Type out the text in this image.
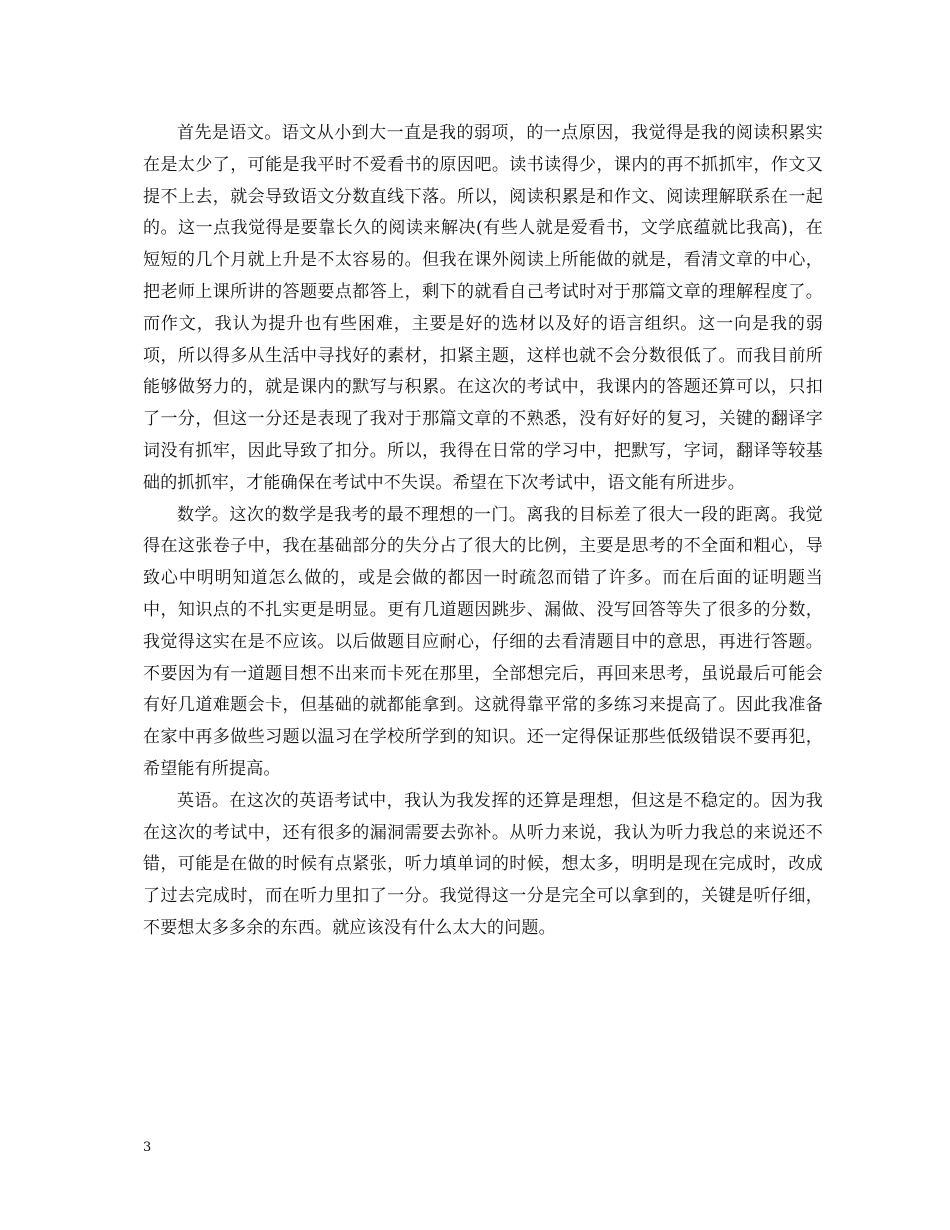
首先是语文。语文从小到大一直是我的弱项，的一点原因，我觉得是我的阅读积累实在是太少了，可能是我平时不爱看书的原因吧。读书读得少，课内的再不抓抓牢，作文又提不上去，就会导致语文分数直线下落。所以，阅读积累是和作文、阅读理解联系在一起的。这一点我觉得是要靠长久的阅读来解决(有些人就是爱看书，文学底蕴就比我高)，在短短的几个月就上升是不太容易的。但我在课外阅读上所能做的就是，看清文章的中心，把老师上课所讲的答题要点都答上，剩下的就看自己考试时对于那篇文章的理解程度了。而作文，我认为提升也有些困难，主要是好的选材以及好的语言组织。这一向是我的弱项，所以得多从生活中寻找好的素材，扣紧主题，这样也就不会分数很低了。而我目前所能够做努力的，就是课内的默写与积累。在这次的考试中，我课内的答题还算可以，只扣了一分，但这一分还是表现了我对于那篇文章的不熟悉，没有好好的复习，关键的翻译字词没有抓牢，因此导致了扣分。所以，我得在日常的学习中，把默写，字词，翻译等较基础的抓抓牢，才能确保在考试中不失误。希望在下次考试中，语文能有所进步。

数学。这次的数学是我考的最不理想的一门。离我的目标差了很大一段的距离。我觉得在这张卷子中，我在基础部分的失分占了很大的比例，主要是思考的不全面和粗心，导致心中明明知道怎么做的，或是会做的都因一时疏忽而错了许多。而在后面的证明题当中，知识点的不扎实更是明显。更有几道题因跳步、漏做、没写回答等失了很多的分数，我觉得这实在是不应该。以后做题目应耐心，仔细的去看清题目中的意思，再进行答题。不要因为有一道题目想不出来而卡死在那里，全部想完后，再回来思考，虽说最后可能会有好几道难题会卡，但基础的就都能拿到。这就得靠平常的多练习来提高了。因此我准备在家中再多做些习题以温习在学校所学到的知识。还一定得保证那些低级错误不要再犯，希望能有所提高。

英语。在这次的英语考试中，我认为我发挥的还算是理想，但这是不稳定的。因为我在这次的考试中，还有很多的漏洞需要去弥补。从听力来说，我认为听力我总的来说还不错，可能是在做的时候有点紧张，听力填单词的时候，想太多，明明是现在完成时，改成了过去完成时，而在听力里扣了一分。我觉得这一分是完全可以拿到的，关键是听仔细，不要想太多多余的东西。就应该没有什么太大的问题。

3
